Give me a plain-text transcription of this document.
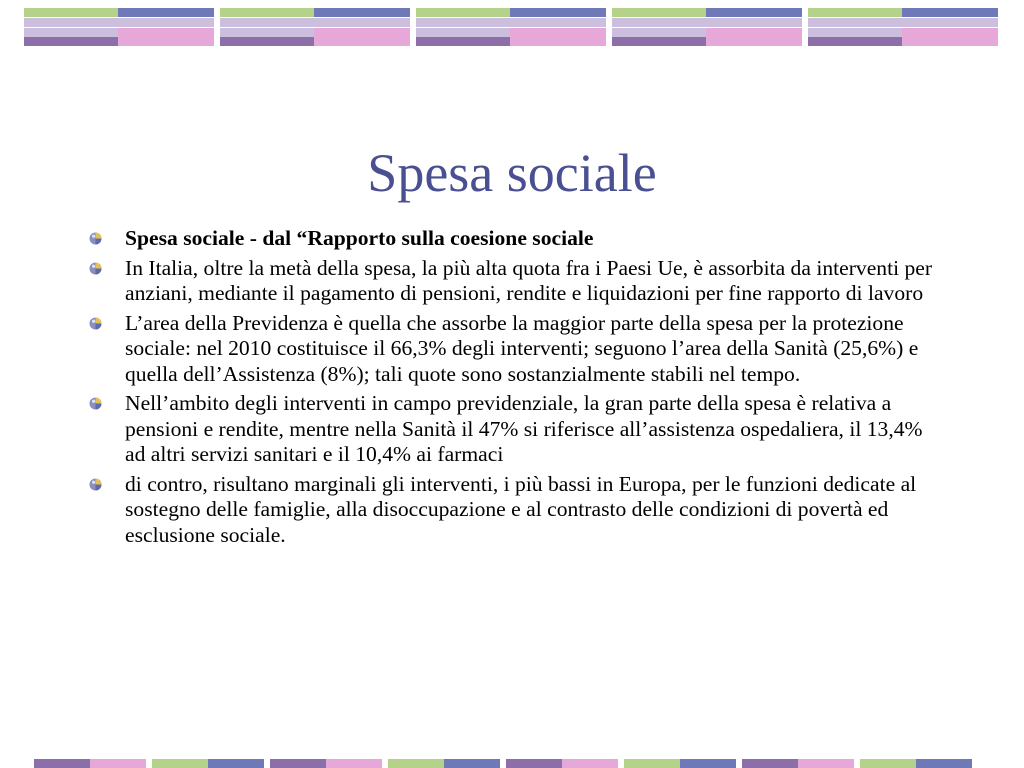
Spesa sociale
Spesa sociale - dal “Rapporto sulla coesione sociale
In Italia, oltre la metà della spesa, la più alta quota fra i Paesi Ue, è assorbita da interventi per anziani, mediante il pagamento di pensioni, rendite e liquidazioni per fine rapporto di lavoro
L’area della Previdenza è quella che assorbe la maggior parte della spesa per la protezione sociale: nel 2010 costituisce il 66,3% degli interventi; seguono l’area della Sanità (25,6%) e quella dell’Assistenza (8%); tali quote sono sostanzialmente stabili nel tempo.
Nell’ambito degli interventi in campo previdenziale, la gran parte della spesa è relativa a pensioni e rendite, mentre nella Sanità il 47% si riferisce all’assistenza ospedaliera, il 13,4% ad altri servizi sanitari e il 10,4% ai farmaci
di contro, risultano marginali gli interventi, i più bassi in Europa, per le funzioni dedicate al sostegno delle famiglie, alla disoccupazione e al contrasto delle condizioni di povertà ed esclusione sociale.
